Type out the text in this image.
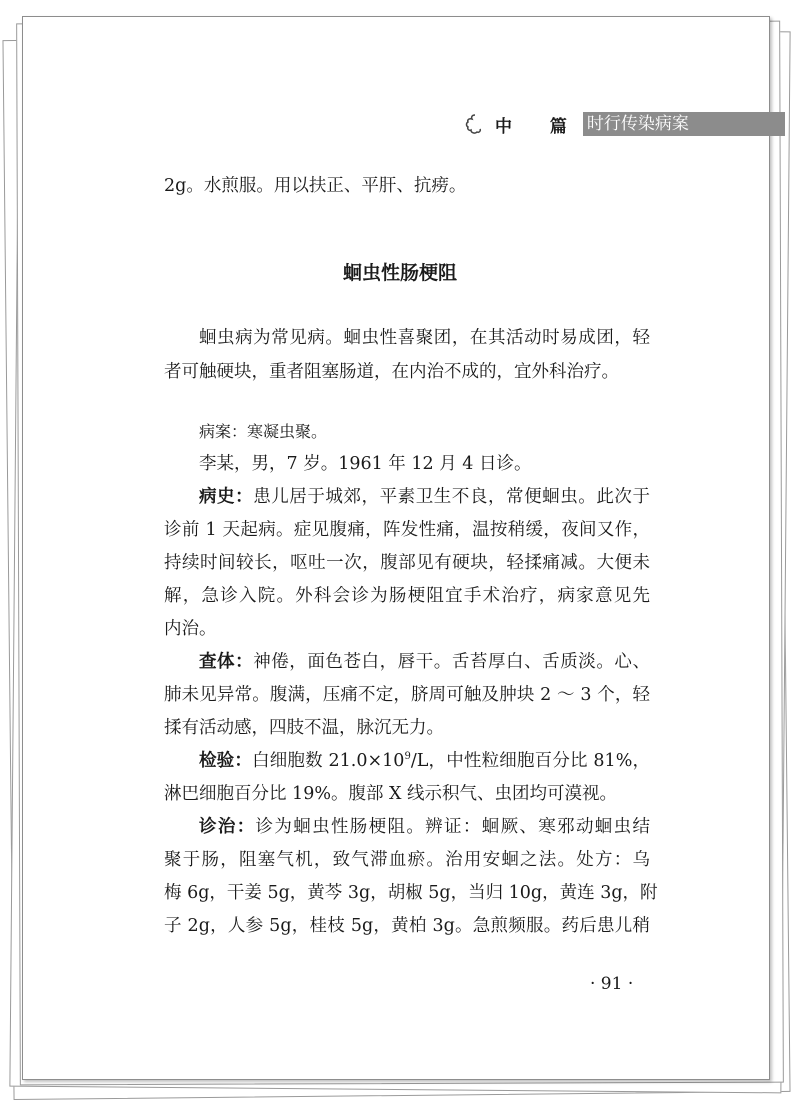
中 篇 时行传染病案
2g。水煎服。用以扶正、平肝、抗痨。
蛔虫性肠梗阻
蛔虫病为常见病。蛔虫性喜聚团，在其活动时易成团，轻
者可触硬块，重者阻塞肠道，在内治不成的，宜外科治疗。
病案：寒凝虫聚。
李某，男，7 岁。1961 年 12 月 4 日诊。
病史：患儿居于城郊，平素卫生不良，常便蛔虫。此次于
诊前 1 天起病。症见腹痛，阵发性痛，温按稍缓，夜间又作，
持续时间较长，呕吐一次，腹部见有硬块，轻揉痛减。大便未
解，急诊入院。外科会诊为肠梗阻宜手术治疗，病家意见先
内治。
查体：神倦，面色苍白，唇干。舌苔厚白、舌质淡。心、
肺未见异常。腹满，压痛不定，脐周可触及肿块 2 ～ 3 个，轻
揉有活动感，四肢不温，脉沉无力。
检验：白细胞数 $21.0\times 10^9/L$，中性粒细胞百分比 81%，
淋巴细胞百分比 19%。腹部 X 线示积气、虫团均可漠视。
诊治：诊为蛔虫性肠梗阻。辨证：蛔厥、寒邪动蛔虫结
聚于肠，阻塞气机，致气滞血瘀。治用安蛔之法。处方：乌
梅 6g，干姜 5g，黄芩 3g，胡椒 5g，当归 10g，黄连 3g，附
子 2g，人参 5g，桂枝 5g，黄柏 3g。急煎频服。药后患儿稍
· 91 ·
